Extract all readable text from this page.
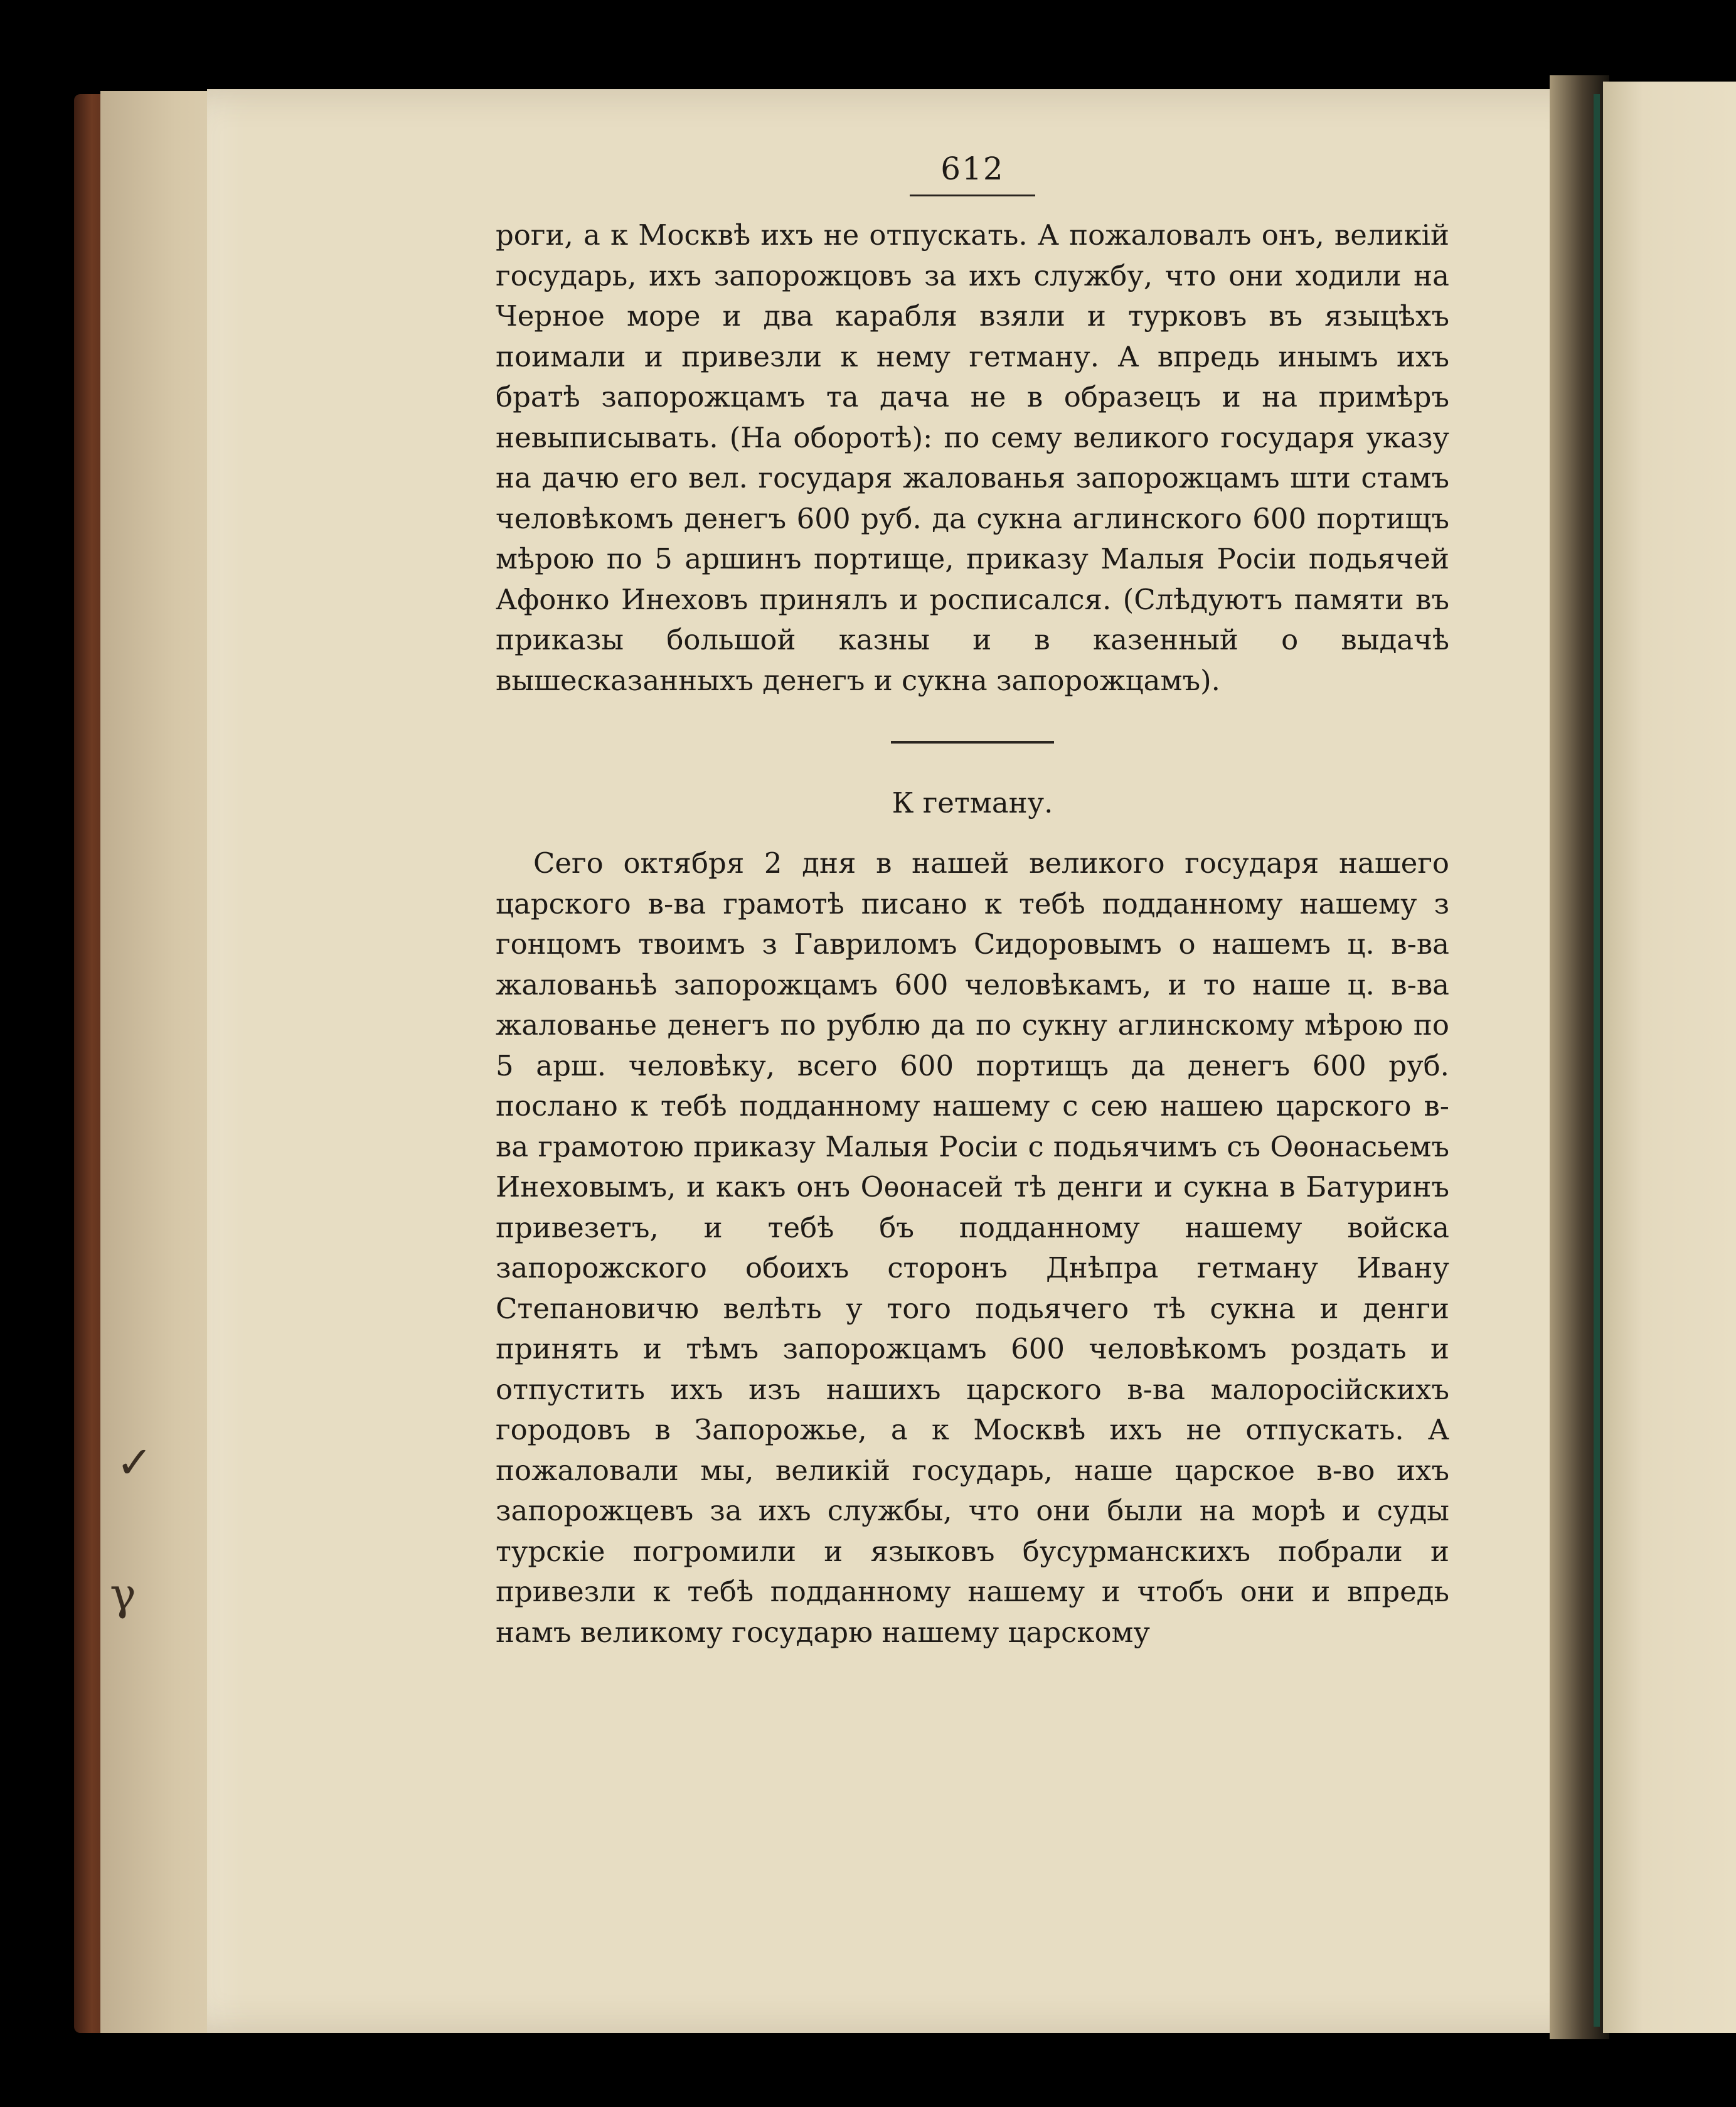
✓
γ
612

роги, а к Москвѣ ихъ не отпускать. А пожаловалъ онъ, великій государь, ихъ запорожцовъ за ихъ службу, что они ходили на Черное море и два карабля взяли и турковъ въ языцѣхъ поимали и привезли к нему гетману. А впредь инымъ ихъ братѣ запорожцамъ та дача не в образецъ и на примѣръ невыписывать. (На оборотѣ): по сему великого государя указу на дачю его вел. государя жалованья запорожцамъ шти стамъ человѣкомъ денегъ 600 руб. да сукна аглинского 600 портищъ мѣрою по 5 аршинъ портище, приказу Малыя Росіи подьячей Афонко Инеховъ принялъ и росписался. (Слѣдуютъ памяти въ приказы большой казны и в казенный о выдачѣ вышесказанныхъ денегъ и сукна запорожцамъ).

К гетману.

Сего октября 2 дня в нашей великого государя нашего царского в-ва грамотѣ писано к тебѣ подданному нашему з гонцомъ твоимъ з Гавриломъ Сидоровымъ о нашемъ ц. в-ва жалованьѣ запорожцамъ 600 человѣкамъ, и то наше ц. в-ва жалованье денегъ по рублю да по сукну аглинскому мѣрою по 5 арш. человѣку, всего 600 портищъ да денегъ 600 руб. послано к тебѣ подданному нашему с сею нашею царского в-ва грамотою приказу Малыя Росіи с подьячимъ съ Оѳонасьемъ Инеховымъ, и какъ онъ Оѳонасей тѣ денги и сукна в Батуринъ привезетъ, и тебѣ бъ подданному нашему войска запорожского обоихъ сторонъ Днѣпра гетману Ивану Степановичю велѣть у того подьячего тѣ сукна и денги принять и тѣмъ запорожцамъ 600 человѣкомъ роздать и отпустить ихъ изъ нашихъ царского в-ва малоросійскихъ городовъ в Запорожье, а к Москвѣ ихъ не отпускать. А пожаловали мы, великій государь, наше царское в-во ихъ запорожцевъ за ихъ службы, что они были на морѣ и суды турскіе погромили и языковъ бусурманскихъ побрали и привезли к тебѣ подданному нашему и чтобъ они и впредь намъ великому государю нашему царскому
